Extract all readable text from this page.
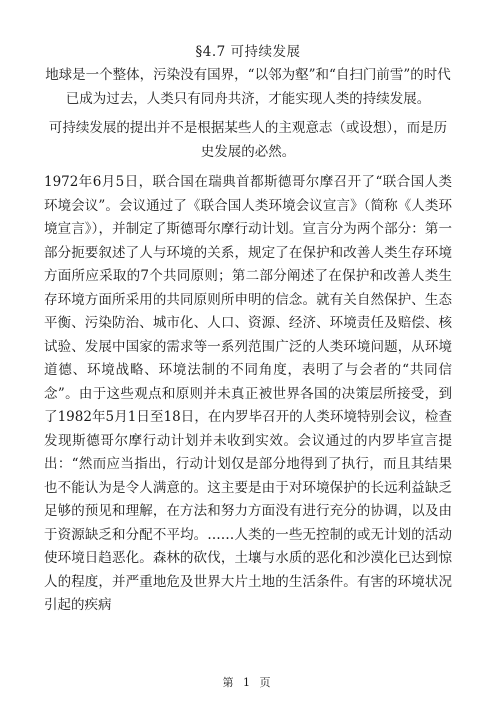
§4.7 可持续发展

地球是一个整体，污染没有国界，“以邻为壑”和“自扫门前雪”的时代已成为过去，人类只有同舟共济，才能实现人类的持续发展。

可持续发展的提出并不是根据某些人的主观意志（或设想），而是历史发展的必然。

1972年6月5日，联合国在瑞典首都斯德哥尔摩召开了“联合国人类环境会议”。会议通过了《联合国人类环境会议宣言》（简称《人类环境宣言》），并制定了斯德哥尔摩行动计划。宣言分为两个部分：第一部分扼要叙述了人与环境的关系，规定了在保护和改善人类生存环境方面所应采取的7个共同原则；第二部分阐述了在保护和改善人类生存环境方面所采用的共同原则所申明的信念。就有关自然保护、生态平衡、污染防治、城市化、人口、资源、经济、环境责任及赔偿、核试验、发展中国家的需求等一系列范围广泛的人类环境问题，从环境道德、环境战略、环境法制的不同角度，表明了与会者的“共同信念”。由于这些观点和原则并未真正被世界各国的决策层所接受，到了1982年5月1日至18日，在内罗毕召开的人类环境特别会议，检查发现斯德哥尔摩行动计划并未收到实效。会议通过的内罗毕宣言提出：“然而应当指出，行动计划仅是部分地得到了执行，而且其结果也不能认为是令人满意的。这主要是由于对环境保护的长远利益缺乏足够的预见和理解，在方法和努力方面没有进行充分的协调，以及由于资源缺乏和分配不平均。……人类的一些无控制的或无计划的活动使环境日趋恶化。森林的砍伐，土壤与水质的恶化和沙漠化已达到惊人的程度，并严重地危及世界大片土地的生活条件。有害的环境状况引起的疾病

第 1 页
